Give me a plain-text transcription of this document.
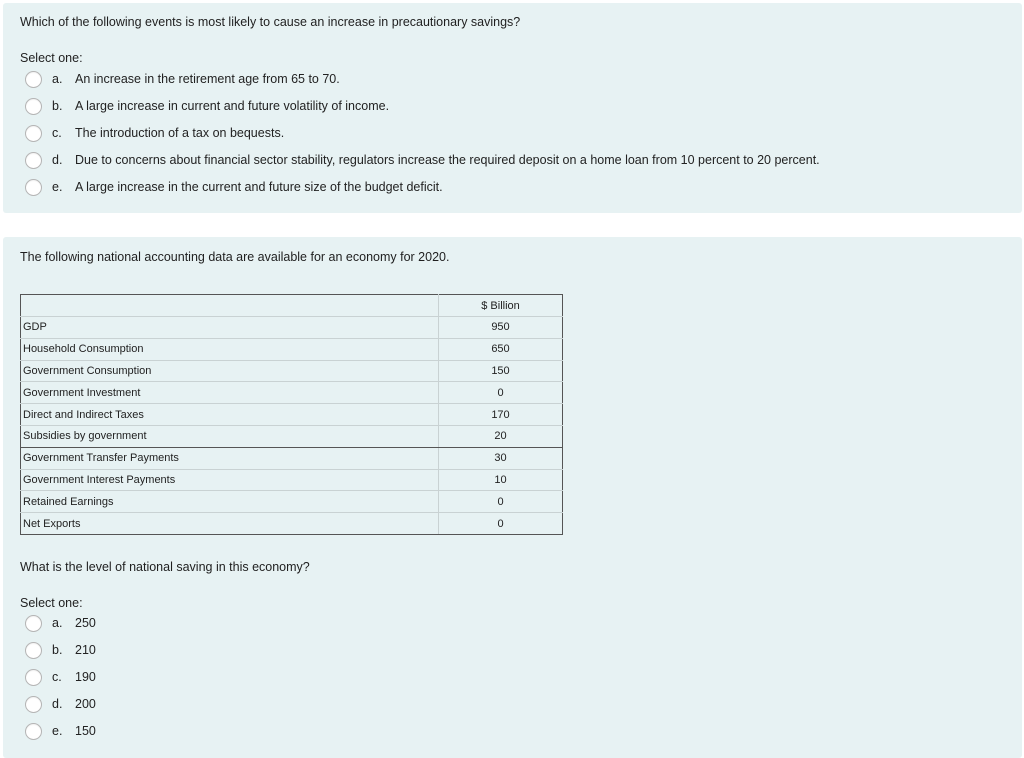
Which of the following events is most likely to cause an increase in precautionary savings?
Select one:
a. An increase in the retirement age from 65 to 70.
b. A large increase in current and future volatility of income.
c. The introduction of a tax on bequests.
d. Due to concerns about financial sector stability, regulators increase the required deposit on a home loan from 10 percent to 20 percent.
e. A large increase in the current and future size of the budget deficit.
The following national accounting data are available for an economy for 2020.
	$ Billion
GDP	950
Household Consumption	650
Government Consumption	150
Government Investment	0
Direct and Indirect Taxes	170
Subsidies by government	20
Government Transfer Payments	30
Government Interest Payments	10
Retained Earnings	0
Net Exports	0
What is the level of national saving in this economy?
Select one:
a. 250
b. 210
c. 190
d. 200
e. 150
